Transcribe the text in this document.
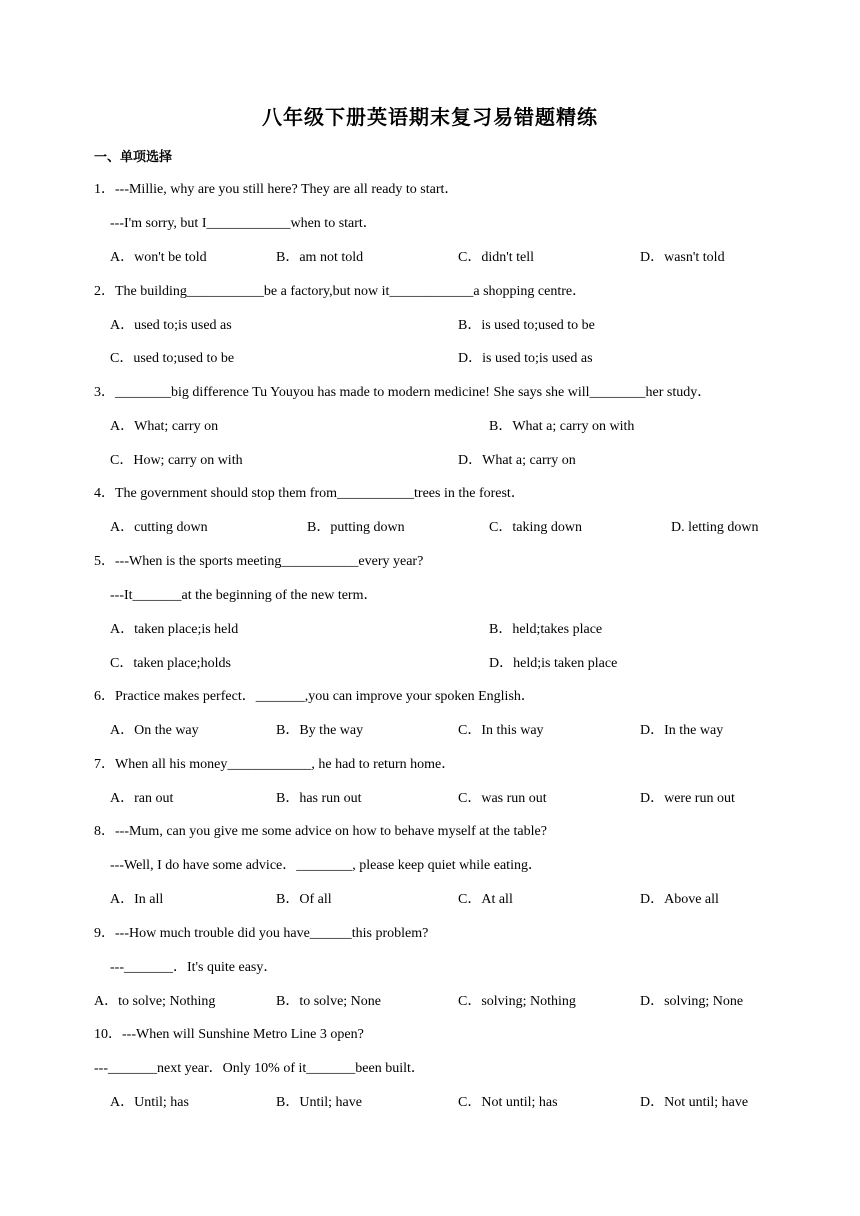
八年级下册英语期末复习易错题精练
一、单项选择
1．---Millie, why are you still here? They are all ready to start．
---I'm sorry, but I____________when to start．
A．won't be told	B．am not told	C．didn't tell	D．wasn't told
2．The building___________be a factory,but now it____________a shopping centre．
A．used to;is used as	B．is used to;used to be
C．used to;used to be	D．is used to;is used as
3．________big difference Tu Youyou has made to modern medicine! She says she will________her study．
A．What; carry on	B．What a; carry on with
C．How; carry on with	D．What a; carry on
4．The government should stop them from___________trees in the forest．
A．cutting down	B．putting down	C．taking down	D. letting down
5．---When is the sports meeting___________every year?
---It_______at the beginning of the new term．
A．taken place;is held	B．held;takes place
C．taken place;holds	D．held;is taken place
6．Practice makes perfect．_______,you can improve your spoken English．
A．On the way	B．By the way	C．In this way	D．In the way
7．When all his money____________, he had to return home．
A．ran out	B．has run out	C．was run out	D．were run out
8．---Mum, can you give me some advice on how to behave myself at the table?
---Well, I do have some advice．________, please keep quiet while eating．
A．In all	B．Of all	C．At all	D．Above all
9．---How much trouble did you have______this problem?
---_______．It's quite easy．
A．to solve; Nothing	B．to solve; None	C．solving; Nothing	D．solving; None
10．---When will Sunshine Metro Line 3 open?
---_______next year．Only 10% of it_______been built．
A．Until; has	B．Until; have	C．Not until; has	D．Not until; have
